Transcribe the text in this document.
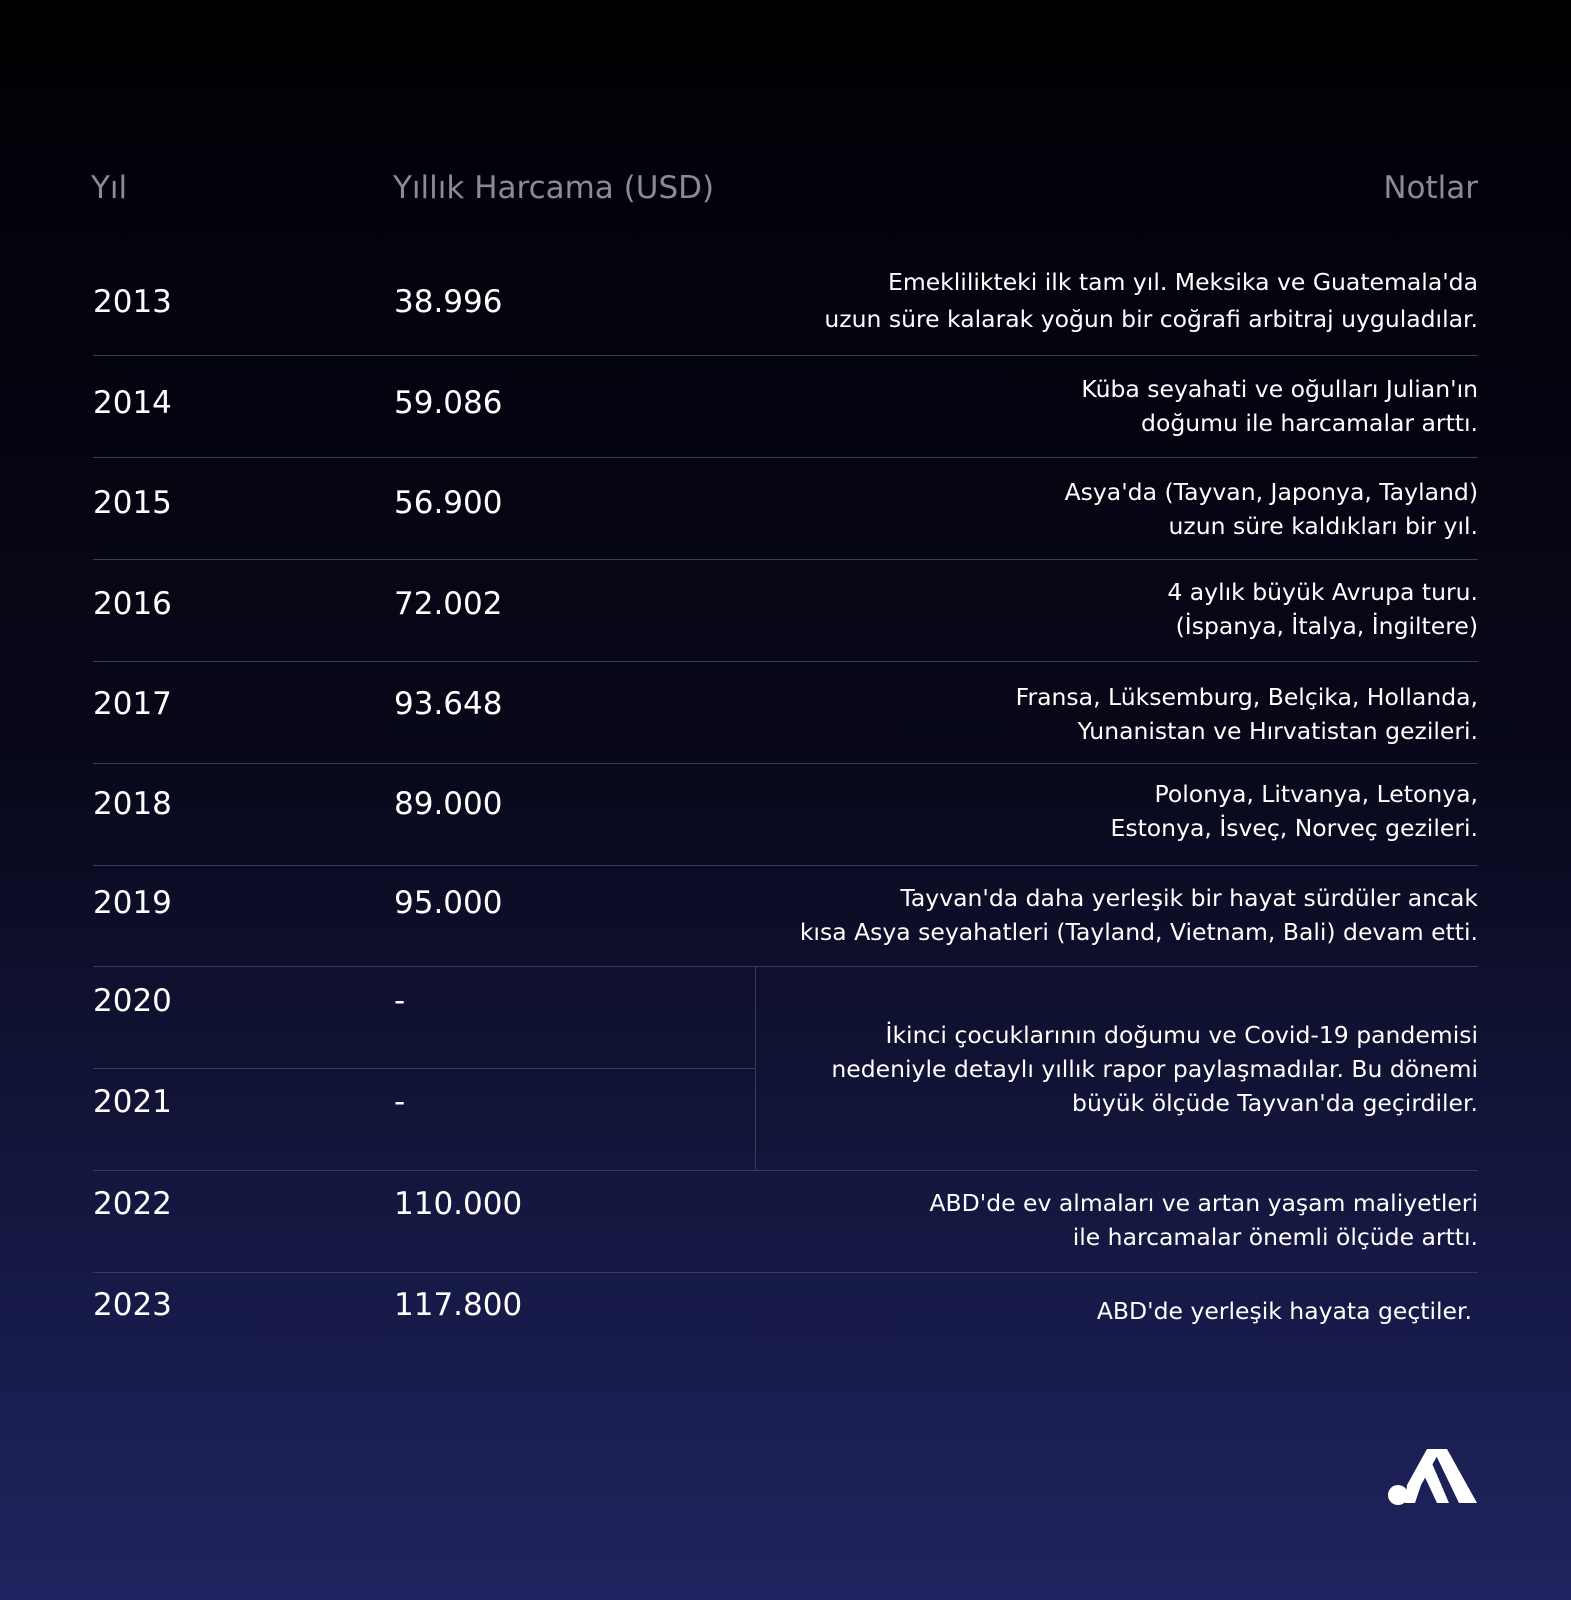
Yıl	Yıllık Harcama (USD)	Notlar
2013	38.996
Emeklilikteki ilk tam yıl. Meksika ve Guatemala'da
uzun süre kalarak yoğun bir coğrafi arbitraj uyguladılar.
2014	59.086	Küba seyahati ve oğulları Julian'ın
doğumu ile harcamalar arttı.
2015	56.900	Asya'da (Tayvan, Japonya, Tayland)
uzun süre kaldıkları bir yıl.
2016	72.002	4 aylık büyük Avrupa turu.
(İspanya, İtalya, İngiltere)
2017	93.648	Fransa, Lüksemburg, Belçika, Hollanda,
Yunanistan ve Hırvatistan gezileri.
2018	89.000	Polonya, Litvanya, Letonya,
Estonya, İsveç, Norveç gezileri.
2019	95.000	Tayvan'da daha yerleşik bir hayat sürdüler ancak
kısa Asya seyahatleri (Tayland, Vietnam, Bali) devam etti.
2020	-
2021	-
İkinci çocuklarının doğumu ve Covid-19 pandemisi
nedeniyle detaylı yıllık rapor paylaşmadılar. Bu dönemi
büyük ölçüde Tayvan'da geçirdiler.
2022	110.000	ABD'de ev almaları ve artan yaşam maliyetleri
ile harcamalar önemli ölçüde arttı.
2023	117.800	ABD'de yerleşik hayata geçtiler.
